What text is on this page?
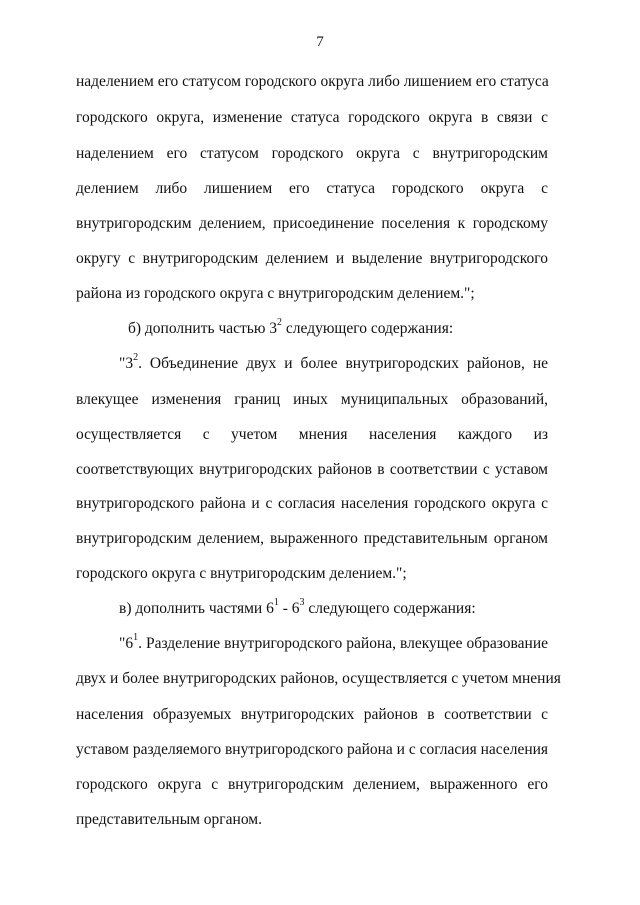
7
наделением его статусом городского округа либо лишением его статуса
городского округа, изменение статуса городского округа в связи с
наделением его статусом городского округа с внутригородским
делением либо лишением его статуса городского округа с
внутригородским делением, присоединение поселения к городскому
округу с внутригородским делением и выделение внутригородского
района из городского округа с внутригородским делением.";
б) дополнить частью $3^2$ следующего содержания:
"$3^2$. Объединение двух и более внутригородских районов, не
влекущее изменения границ иных муниципальных образований,
осуществляется с учетом мнения населения каждого из
соответствующих внутригородских районов в соответствии с уставом
внутригородского района и с согласия населения городского округа с
внутригородским делением, выраженного представительным органом
городского округа с внутригородским делением.";
в) дополнить частями $6^1 - 6^3$ следующего содержания:
"$6^1$. Разделение внутригородского района, влекущее образование
двух и более внутригородских районов, осуществляется с учетом мнения
населения образуемых внутригородских районов в соответствии с
уставом разделяемого внутригородского района и с согласия населения
городского округа с внутригородским делением, выраженного его
представительным органом.
